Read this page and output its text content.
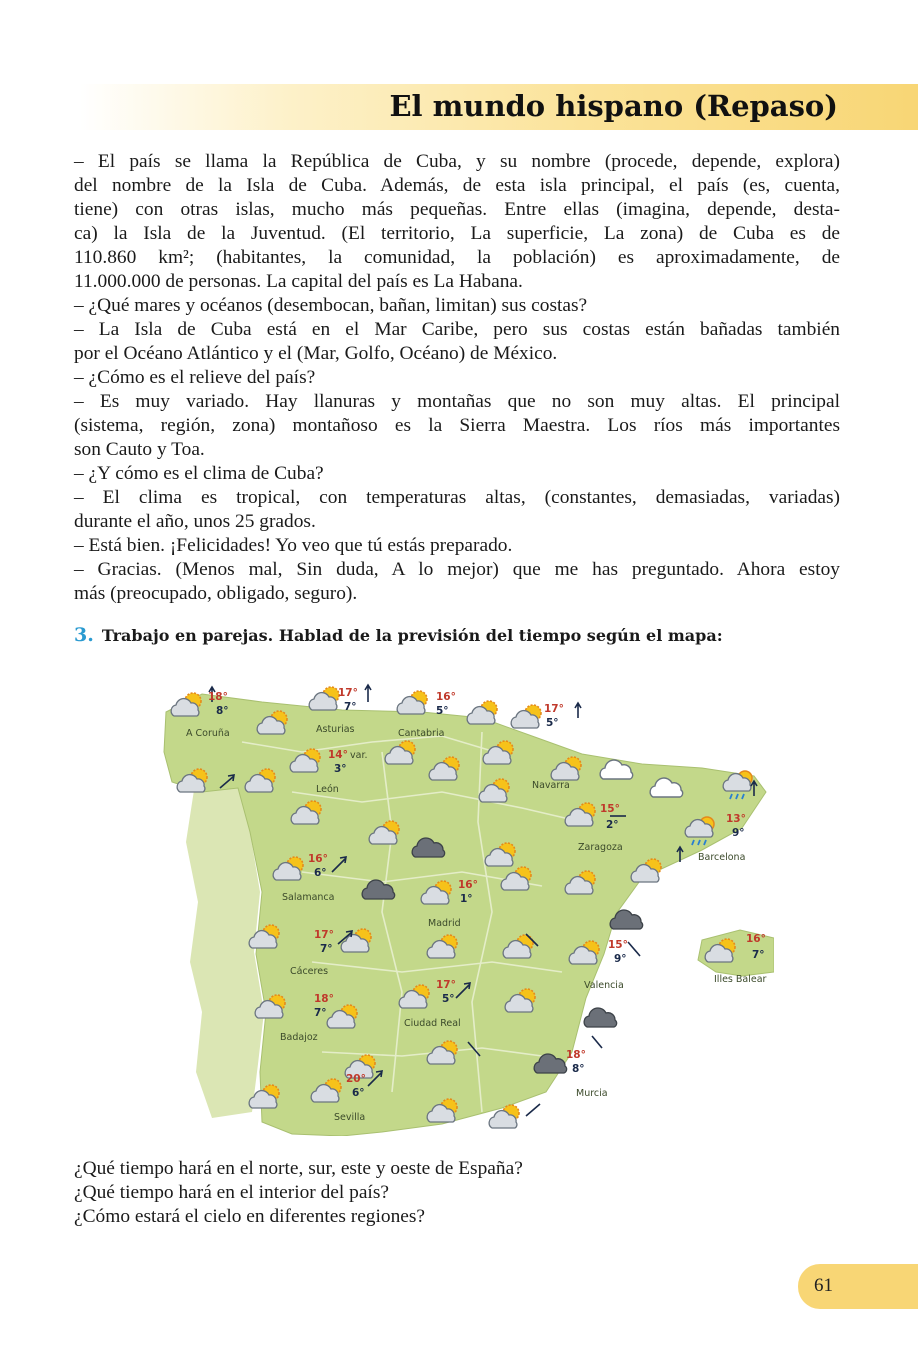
El mundo hispano (Repaso)
– El país se llama la República de Cuba, y su nombre (procede, depende, explora)
del nombre de la Isla de Cuba. Además, de esta isla principal, el país (es, cuenta,
tiene) con otras islas, mucho más pequeñas. Entre ellas (imagina, depende, desta-
ca) la Isla de la Juventud. (El territorio, La superficie, La zona) de Cuba es de
110.860 km²; (habitantes, la comunidad, la población) es aproximadamente, de
11.000.000 de personas. La capital del país es La Habana.
– ¿Qué mares y océanos (desembocan, bañan, limitan) sus costas?
– La Isla de Cuba está en el Mar Caribe, pero sus costas están bañadas también
por el Océano Atlántico y el (Mar, Golfo, Océano) de México.
– ¿Cómo es el relieve del país?
– Es muy variado. Hay llanuras y montañas que no son muy altas. El principal
(sistema, región, zona) montañoso es la Sierra Maestra. Los ríos más importantes
son Cauto y Toa.
– ¿Y cómo es el clima de Cuba?
– El clima es tropical, con temperaturas altas, (constantes, demasiadas, variadas)
durante el año, unos 25 grados.
– Está bien. ¡Felicidades! Yo veo que tú estás preparado.
– Gracias. (Menos mal, Sin duda, A lo mejor) que me has preguntado. Ahora estoy
más (preocupado, obligado, seguro).
3. Trabajo en parejas. Hablad de la previsión del tiempo según el mapa:
A Coruña	Asturias	Cantabria
Navarra
León
Zaragoza
Barcelona
Salamanca
Madrid
Cáceres
Valencia
Illes Balear
Badajoz
Ciudad Real
Murcia
Sevilla
18°
8°
17°
7°
16°
5°	17°
5°
14°
3°
var.
15°
2°	13°
9°
16°
6°
16°
1°
17°
7°	15°
9°
16°
7°
18°
7°
17°
5°
18°
8°
20°
6°
¿Qué tiempo hará en el norte, sur, este y oeste de España?
¿Qué tiempo hará en el interior del país?
¿Cómo estará el cielo en diferentes regiones?
61
